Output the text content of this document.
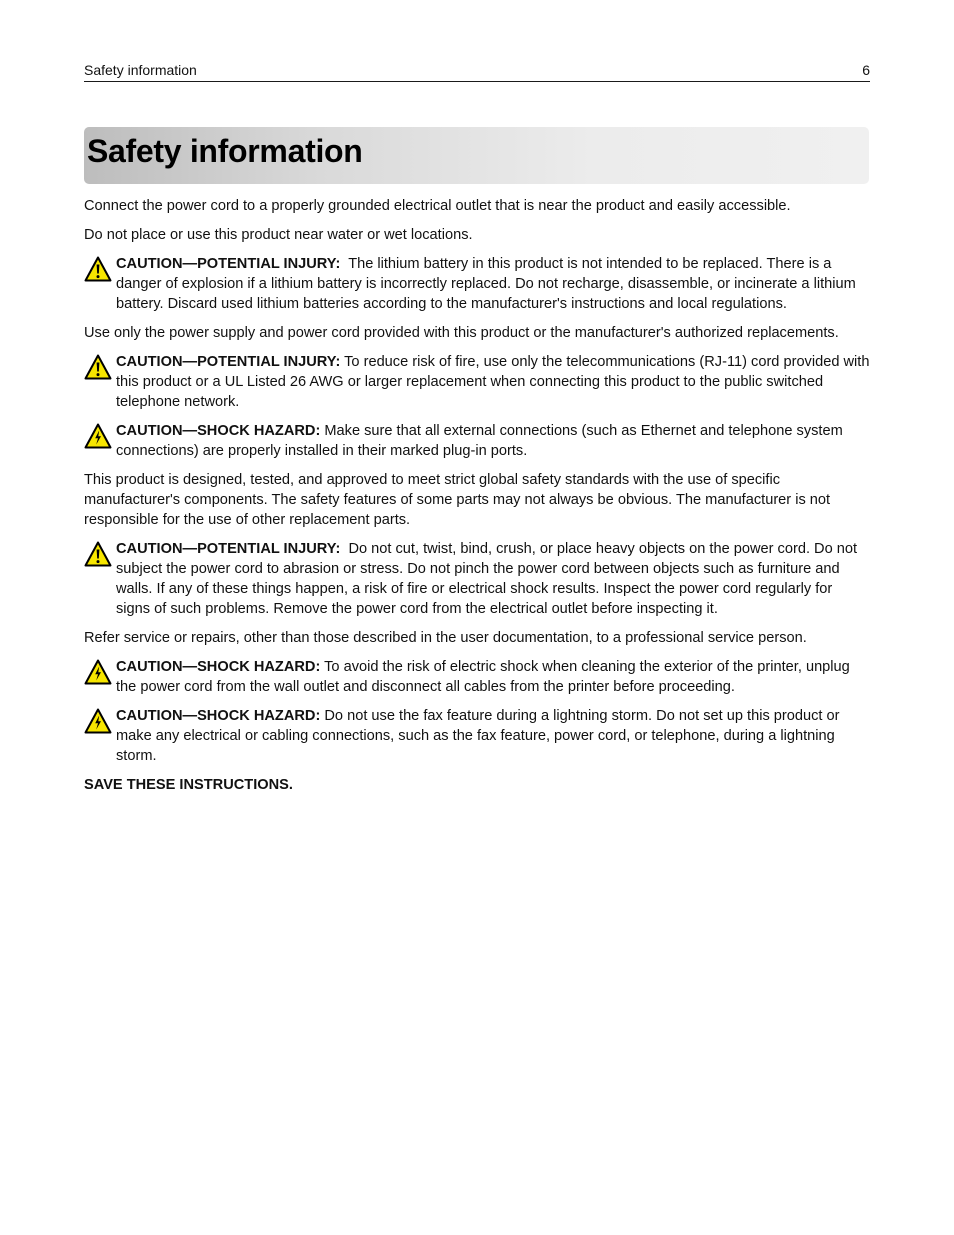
Safety information	6
Safety information

Connect the power cord to a properly grounded electrical outlet that is near the product and easily accessible.

Do not place or use this product near water or wet locations.

CAUTION—POTENTIAL INJURY: The lithium battery in this product is not intended to be replaced. There is a danger of explosion if a lithium battery is incorrectly replaced. Do not recharge, disassemble, or incinerate a lithium battery. Discard used lithium batteries according to the manufacturer's instructions and local regulations.

Use only the power supply and power cord provided with this product or the manufacturer's authorized replacements.

CAUTION—POTENTIAL INJURY: To reduce risk of fire, use only the telecommunications (RJ-11) cord provided with this product or a UL Listed 26 AWG or larger replacement when connecting this product to the public switched telephone network.
CAUTION—SHOCK HAZARD: Make sure that all external connections (such as Ethernet and telephone system connections) are properly installed in their marked plug-in ports.

This product is designed, tested, and approved to meet strict global safety standards with the use of specific manufacturer's components. The safety features of some parts may not always be obvious. The manufacturer is not responsible for the use of other replacement parts.

CAUTION—POTENTIAL INJURY: Do not cut, twist, bind, crush, or place heavy objects on the power cord. Do not subject the power cord to abrasion or stress. Do not pinch the power cord between objects such as furniture and walls. If any of these things happen, a risk of fire or electrical shock results. Inspect the power cord regularly for signs of such problems. Remove the power cord from the electrical outlet before inspecting it.

Refer service or repairs, other than those described in the user documentation, to a professional service person.

CAUTION—SHOCK HAZARD: To avoid the risk of electric shock when cleaning the exterior of the printer, unplug the power cord from the wall outlet and disconnect all cables from the printer before proceeding.
CAUTION—SHOCK HAZARD: Do not use the fax feature during a lightning storm. Do not set up this product or make any electrical or cabling connections, such as the fax feature, power cord, or telephone, during a lightning storm.

SAVE THESE INSTRUCTIONS.
